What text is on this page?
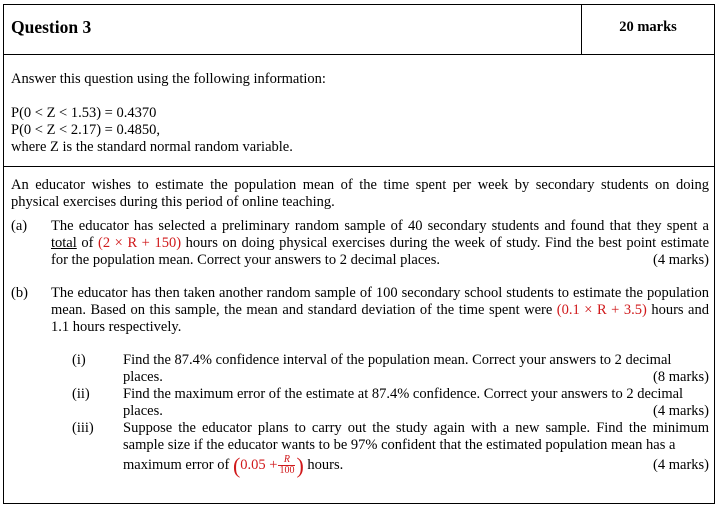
Question 3	20 marks

Answer this question using the following information:

P(0 < Z < 1.53) = 0.4370

P(0 < Z < 2.17) = 0.4850,

where Z is the standard normal random variable.

An educator wishes to estimate the population mean of the time spent per week by secondary students on doing physical exercises during this period of online teaching.

(a) The educator has selected a preliminary random sample of 40 secondary students and found that they spent a total of (2 × R + 150) hours on doing physical exercises during the week of study. Find the best point estimate for the population mean. Correct your answers to 2 decimal places.	(4 marks)
(b) The educator has then taken another random sample of 100 secondary school students to estimate the population mean. Based on this sample, the mean and standard deviation of the time spent were (0.1 × R + 3.5) hours and 1.1 hours respectively.
(i)	Find the 87.4% confidence interval of the population mean. Correct your answers to 2 decimal
places.	(8 marks)
(ii) Find the maximum error of the estimate at 87.4% confidence. Correct your answers to 2 decimal
places.	(4 marks)
(iii) Suppose the educator plans to carry out the study again with a new sample. Find the minimum sample size if the educator wants to be 97% confident that the estimated population mean has a
maximum error of ($0.05 + \frac{R}{100}$ ) hours.	(4 marks)
